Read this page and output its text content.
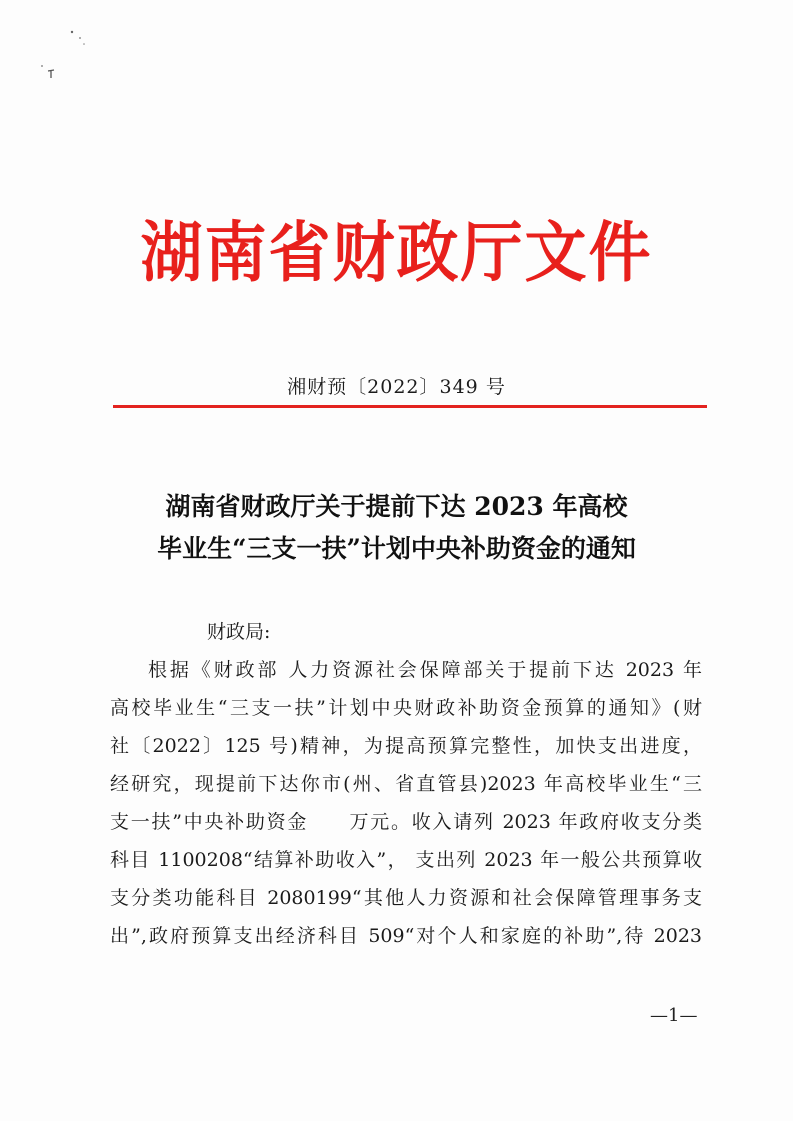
湖南省财政厅文件
湘财预〔2022〕349 号
湖南省财政厅关于提前下达 2023 年高校
毕业生“三支一扶”计划中央补助资金的通知
财政局:
根据《财政部 人力资源社会保障部关于提前下达 2023 年
高校毕业生“三支一扶”计划中央财政补助资金预算的通知》(财
社〔2022〕125 号)精神，为提高预算完整性，加快支出进度，
经研究，现提前下达你市(州、省直管县)2023 年高校毕业生“三
支一扶”中央补助资金　　万元。收入请列 2023 年政府收支分类
科目 1100208“结算补助收入”， 支出列 2023 年一般公共预算收
支分类功能科目 2080199“其他人力资源和社会保障管理事务支
出”,政府预算支出经济科目 509“对个人和家庭的补助”,待 2023
—1—
